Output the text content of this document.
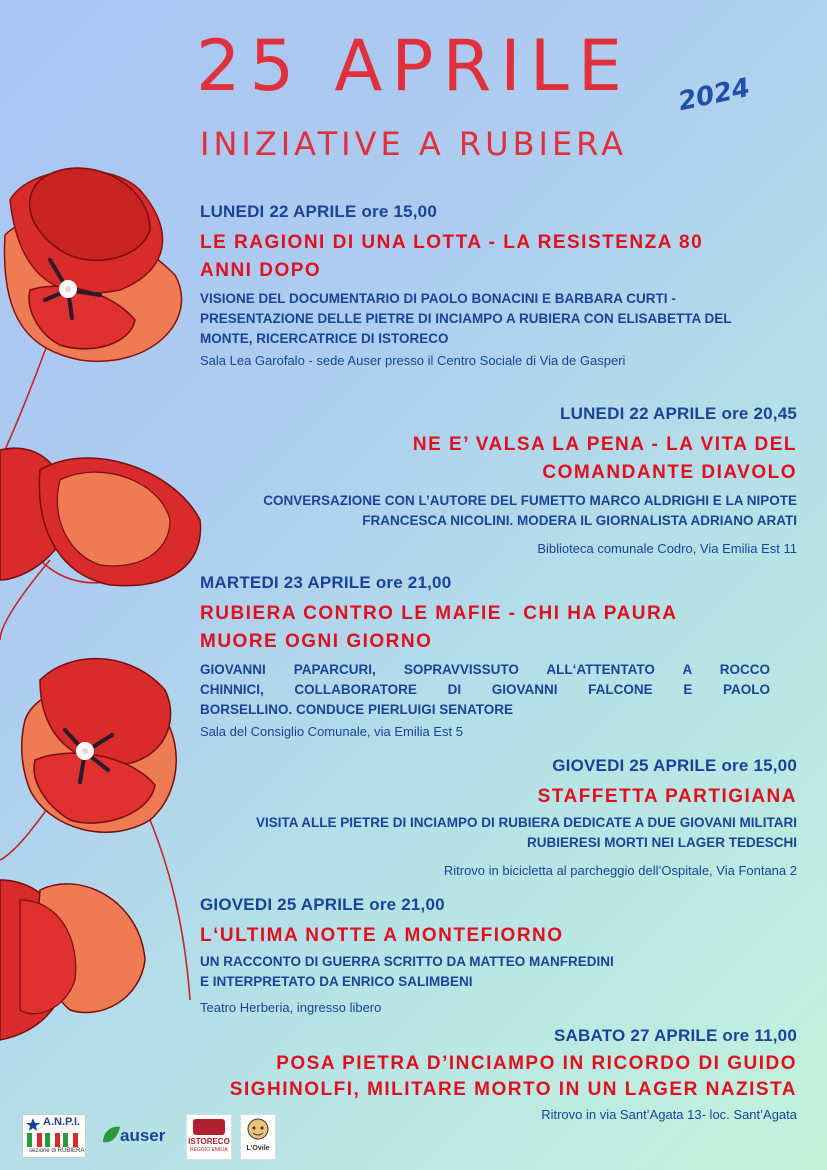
25 APRILE	2024
INIZIATIVE A RUBIERA
LUNEDI 22 APRILE ore 15,00
LE RAGIONI DI UNA LOTTA - LA RESISTENZA 80
ANNI DOPO
VISIONE DEL DOCUMENTARIO DI PAOLO BONACINI E BARBARA CURTI -
PRESENTAZIONE DELLE PIETRE DI INCIAMPO A RUBIERA CON ELISABETTA DEL
MONTE, RICERCATRICE DI ISTORECO
Sala Lea Garofalo - sede Auser presso il Centro Sociale di Via de Gasperi
LUNEDI 22 APRILE ore 20,45
NE E’ VALSA LA PENA - LA VITA DEL
COMANDANTE DIAVOLO
CONVERSAZIONE CON L’AUTORE DEL FUMETTO MARCO ALDRIGHI E LA NIPOTE
FRANCESCA NICOLINI. MODERA IL GIORNALISTA ADRIANO ARATI
Biblioteca comunale Codro, Via Emilia Est 11
MARTEDI 23 APRILE ore 21,00
RUBIERA CONTRO LE MAFIE - CHI HA PAURA
MUORE OGNI GIORNO
GIOVANNI PAPARCURI, SOPRAVVISSUTO ALL‘ATTENTATO A ROCCO
CHINNICI, COLLABORATORE DI GIOVANNI FALCONE E PAOLO
BORSELLINO. CONDUCE PIERLUIGI SENATORE
Sala del Consiglio Comunale, via Emilia Est 5
GIOVEDI 25 APRILE ore 15,00
STAFFETTA PARTIGIANA
VISITA ALLE PIETRE DI INCIAMPO DI RUBIERA DEDICATE A DUE GIOVANI MILITARI
RUBIERESI MORTI NEI LAGER TEDESCHI
Ritrovo in bicicletta al parcheggio dell’Ospitale, Via Fontana 2
GIOVEDI 25 APRILE ore 21,00
L‘ULTIMA NOTTE A MONTEFIORNO
UN RACCONTO DI GUERRA SCRITTO DA MATTEO MANFREDINI
E INTERPRETATO DA ENRICO SALIMBENI
Teatro Herberia, ingresso libero
SABATO 27 APRILE ore 11,00
POSA PIETRA D’INCIAMPO IN RICORDO DI GUIDO
SIGHINOLFI, MILITARE MORTO IN UN LAGER NAZISTA
Ritrovo in via Sant’Agata 13- loc. Sant’Agata
A.N.P.I.
sezione di RUBIERA
auser	ISTORECO
REGGIO EMILIA	L'Ovile
